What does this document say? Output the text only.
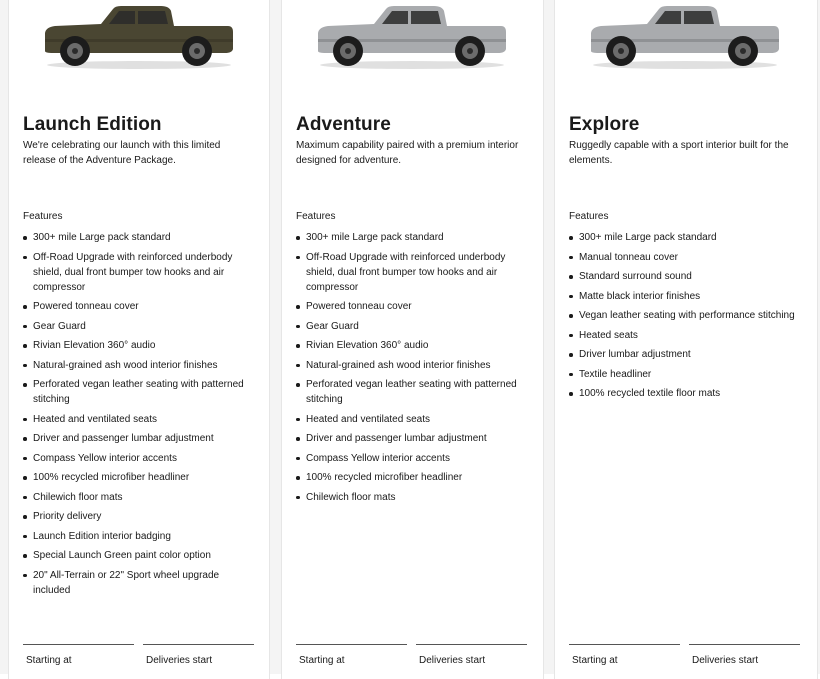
Launch Edition

We're celebrating our launch with this limited release of the Adventure Package.

Features

300+ mile Large pack standard
Off-Road Upgrade with reinforced underbody shield, dual front bumper tow hooks and air compressor
Powered tonneau cover
Gear Guard
Rivian Elevation 360° audio
Natural-grained ash wood interior finishes
Perforated vegan leather seating with patterned stitching
Heated and ventilated seats
Driver and passenger lumbar adjustment
Compass Yellow interior accents
100% recycled microfiber headliner
Chilewich floor mats
Priority delivery
Launch Edition interior badging
Special Launch Green paint color option
20" All-Terrain or 22" Sport wheel upgrade included
Starting at	Deliveries start
Adventure

Maximum capability paired with a premium interior designed for adventure.

Features

300+ mile Large pack standard
Off-Road Upgrade with reinforced underbody shield, dual front bumper tow hooks and air compressor
Powered tonneau cover
Gear Guard
Rivian Elevation 360° audio
Natural-grained ash wood interior finishes
Perforated vegan leather seating with patterned stitching
Heated and ventilated seats
Driver and passenger lumbar adjustment
Compass Yellow interior accents
100% recycled microfiber headliner
Chilewich floor mats
Starting at	Deliveries start
Explore

Ruggedly capable with a sport interior built for the elements.

Features

300+ mile Large pack standard
Manual tonneau cover
Standard surround sound
Matte black interior finishes
Vegan leather seating with performance stitching
Heated seats
Driver lumbar adjustment
Textile headliner
100% recycled textile floor mats
Starting at	Deliveries start
